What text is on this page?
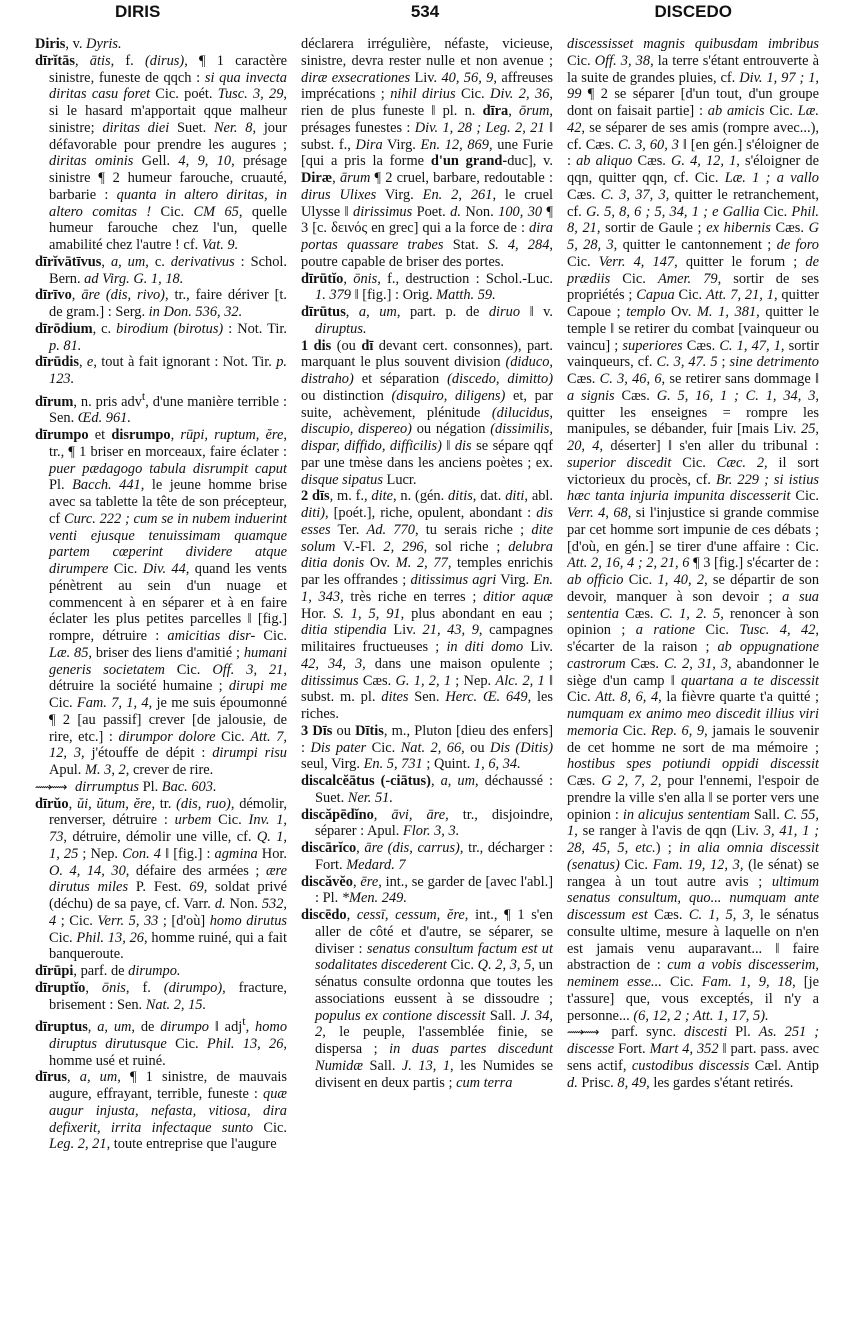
DIRIS	534	DISCEDO

Diris, v. Dyris.

dīrĭtās, ātis, f. (dirus), ¶ 1 caractère sinistre, funeste de qqch : si qua invecta diritas casu foret Cic. poét. Tusc. 3, 29, si le hasard m'apportait qque malheur sinistre; diritas diei Suet. Ner. 8, jour défavorable pour prendre les augures ; diritas ominis Gell. 4, 9, 10, présage sinistre ¶ 2 humeur farouche, cruauté, barbarie : quanta in altero diritas, in altero comitas ! Cic. CM 65, quelle humeur farouche chez l'un, quelle amabilité chez l'autre ! cf. Vat. 9.

dīrĭvātīvus, a, um, c. derivativus : Schol. Bern. ad Virg. G. 1, 18.

dīrīvo, āre (dis, rivo), tr., faire dériver [t. de gram.] : Serg. in Don. 536, 32.

dīrōdium, c. birodium (birotus) : Not. Tir. p. 81.

dīrūdis, e, tout à fait ignorant : Not. Tir. p. 123.

dīrum, n. pris adv$^t$, d'une manière terrible : Sen. Œd. 961.

dīrumpo et disrumpo, rūpi, ruptum, ĕre, tr., ¶ 1 briser en morceaux, faire éclater : puer pædagogo tabula disrumpit caput Pl. Bacch. 441, le jeune homme brise avec sa tablette la tête de son précepteur, cf Curc. 222 ; cum se in nubem induerint venti ejusque tenuissimam quamque partem cœperint dividere atque dirumpere Cic. Div. 44, quand les vents pénètrent au sein d'un nuage et commencent à en séparer et à en faire éclater les plus petites parcelles ‖ [fig.] rompre, détruire : amicitias disr- Cic. Læ. 85, briser des liens d'amitié ; humani generis societatem Cic. Off. 3, 21, détruire la société humaine ; dirupi me Cic. Fam. 7, 1, 4, je me suis époumonné ¶ 2 [au passif] crever [de jalousie, de rire, etc.] : dirumpor dolore Cic. Att. 7, 12, 3, j'étouffe de dépit : dirumpi risu Apul. M. 3, 2, crever de rire.

⟿⟿ dirrumptus Pl. Bac. 603.

dīrŭo, ŭi, ŭtum, ĕre, tr. (dis, ruo), démolir, renverser, détruire : urbem Cic. Inv. 1, 73, détruire, démolir une ville, cf. Q. 1, 1, 25 ; Nep. Con. 4 ‖ [fig.] : agmina Hor. O. 4, 14, 30, défaire des armées ; ære dirutus miles P. Fest. 69, soldat privé (déchu) de sa paye, cf. Varr. d. Non. 532, 4 ; Cic. Verr. 5, 33 ; [d'où] homo dirutus Cic. Phil. 13, 26, homme ruiné, qui a fait banqueroute.

dīrūpi, parf. de dirumpo.

dīruptĭo, ōnis, f. (dirumpo), fracture, brisement : Sen. Nat. 2, 15.

dīruptus, a, um, de dirumpo ‖ adj$^t$, homo diruptus dirutusque Cic. Phil. 13, 26, homme usé et ruiné.

dīrus, a, um, ¶ 1 sinistre, de mauvais augure, effrayant, terrible, funeste : quæ augur injusta, nefasta, vitiosa, dira defixerit, irrita infectaque sunto Cic. Leg. 2, 21, toute entreprise que l'augure

déclarera irrégulière, néfaste, vicieuse, sinistre, devra rester nulle et non avenue ; diræ exsecrationes Liv. 40, 56, 9, affreuses imprécations ; nihil dirius Cic. Div. 2, 36, rien de plus funeste ‖ pl. n. dīra, ōrum, présages funestes : Div. 1, 28 ; Leg. 2, 21 ‖ subst. f., Dira Virg. En. 12, 869, une Furie [qui a pris la forme d'un grand-duc], v. Diræ, ārum ¶ 2 cruel, barbare, redoutable : dirus Ulixes Virg. En. 2, 261, le cruel Ulysse ‖ dirissimus Poet. d. Non. 100, 30 ¶ 3 [c. δεινός en grec] qui a la force de : dira portas quassare trabes Stat. S. 4, 284, poutre capable de briser des portes.

dīrūtĭo, ōnis, f., destruction : Schol.-Luc. 1. 379 ‖ [fig.] : Orig. Matth. 59.

dīrūtus, a, um, part. p. de diruo ‖ v. diruptus.

1 dis (ou dī devant cert. consonnes), part. marquant le plus souvent division (diduco, distraho) et séparation (discedo, dimitto) ou distinction (disquiro, diligens) et, par suite, achèvement, plénitude (dilucidus, discupio, dispereo) ou négation (dissimilis, dispar, diffido, difficilis) ‖ dis se sépare qqf par une tmèse dans les anciens poètes ; ex. disque sipatus Lucr.

2 dīs, m. f., dite, n. (gén. ditis, dat. diti, abl. diti), [poét.], riche, opulent, abondant : dis esses Ter. Ad. 770, tu serais riche ; dite solum V.-Fl. 2, 296, sol riche ; delubra ditia donis Ov. M. 2, 77, temples enrichis par les offrandes ; ditissimus agri Virg. En. 1, 343, très riche en terres ; ditior aquæ Hor. S. 1, 5, 91, plus abondant en eau ; ditia stipendia Liv. 21, 43, 9, campagnes militaires fructueuses ; in diti domo Liv. 42, 34, 3, dans une maison opulente ; ditissimus Cæs. G. 1, 2, 1 ; Nep. Alc. 2, 1 ‖ subst. m. pl. dites Sen. Herc. Œ. 649, les riches.

3 Dīs ou Dītis, m., Pluton [dieu des enfers] : Dis pater Cic. Nat. 2, 66, ou Dis (Ditis) seul, Virg. En. 5, 731 ; Quint. 1, 6, 34.

discalcĕātus (-ciātus), a, um, déchaussé : Suet. Ner. 51.

discăpēdĭno, āvi, āre, tr., disjoindre, séparer : Apul. Flor. 3, 3.

discārĭco, āre (dis, carrus), tr., décharger : Fort. Medard. 7

discăvĕo, ēre, int., se garder de [avec l'abl.] : Pl. *Men. 249.

discēdo, cessī, cessum, ĕre, int., ¶ 1 s'en aller de côté et d'autre, se séparer, se diviser : senatus consultum factum est ut sodalitates discederent Cic. Q. 2, 3, 5, un sénatus consulte ordonna que toutes les associations eussent à se dissoudre ; populus ex contione discessit Sall. J. 34, 2, le peuple, l'assemblée finie, se dispersa ; in duas partes discedunt Numidæ Sall. J. 13, 1, les Numides se divisent en deux partis ; cum terra

discessisset magnis quibusdam imbribus Cic. Off. 3, 38, la terre s'étant entrouverte à la suite de grandes pluies, cf. Div. 1, 97 ; 1, 99 ¶ 2 se séparer [d'un tout, d'un groupe dont on faisait partie] : ab amicis Cic. Læ. 42, se séparer de ses amis (rompre avec...), cf. Cæs. C. 3, 60, 3 ‖ [en gén.] s'éloigner de : ab aliquo Cæs. G. 4, 12, 1, s'éloigner de qqn, quitter qqn, cf. Cic. Læ. 1 ; a vallo Cæs. C. 3, 37, 3, quitter le retranchement, cf. G. 5, 8, 6 ; 5, 34, 1 ; e Gallia Cic. Phil. 8, 21, sortir de Gaule ; ex hibernis Cæs. G 5, 28, 3, quitter le cantonnement ; de foro Cic. Verr. 4, 147, quitter le forum ; de prædiis Cic. Amer. 79, sortir de ses propriétés ; Capua Cic. Att. 7, 21, 1, quitter Capoue ; templo Ov. M. 1, 381, quitter le temple ‖ se retirer du combat [vainqueur ou vaincu] ; superiores Cæs. C. 1, 47, 1, sortir vainqueurs, cf. C. 3, 47. 5 ; sine detrimento Cæs. C. 3, 46, 6, se retirer sans dommage ‖ a signis Cæs. G. 5, 16, 1 ; C. 1, 34, 3, quitter les enseignes = rompre les manipules, se débander, fuir [mais Liv. 25, 20, 4, déserter] ‖ s'en aller du tribunal : superior discedit Cic. Cæc. 2, il sort victorieux du procès, cf. Br. 229 ; si istius hæc tanta injuria impunita discesserit Cic. Verr. 4, 68, si l'injustice si grande commise par cet homme sort impunie de ces débats ; [d'où, en gén.] se tirer d'une affaire : Cic. Att. 2, 16, 4 ; 2, 21, 6 ¶ 3 [fig.] s'écarter de : ab officio Cic. 1, 40, 2, se départir de son devoir, manquer à son devoir ; a sua sententia Cæs. C. 1, 2. 5, renoncer à son opinion ; a ratione Cic. Tusc. 4, 42, s'écarter de la raison ; ab oppugnatione castrorum Cæs. C. 2, 31, 3, abandonner le siège d'un camp ‖ quartana a te discessit Cic. Att. 8, 6, 4, la fièvre quarte t'a quitté ; numquam ex animo meo discedit illius viri memoria Cic. Rep. 6, 9, jamais le souvenir de cet homme ne sort de ma mémoire ; hostibus spes potiundi oppidi discessit Cæs. G 2, 7, 2, pour l'ennemi, l'espoir de prendre la ville s'en alla ‖ se porter vers une opinion : in alicujus sententiam Sall. C. 55, 1, se ranger à l'avis de qqn (Liv. 3, 41, 1 ; 28, 45, 5, etc.) ; in alia omnia discessit (senatus) Cic. Fam. 19, 12, 3, (le sénat) se rangea à un tout autre avis ; ultimum senatus consultum, quo... numquam ante discessum est Cæs. C. 1, 5, 3, le sénatus consulte ultime, mesure à laquelle on n'en est jamais venu auparavant... ‖ faire abstraction de : cum a vobis discesserim, neminem esse... Cic. Fam. 1, 9, 18, [je t'assure] que, vous exceptés, il n'y a personne... (6, 12, 2 ; Att. 1, 17, 5).

⟿⟿ parf. sync. discesti Pl. As. 251 ; discesse Fort. Mart 4, 352 ‖ part. pass. avec sens actif, custodibus discessis Cæl. Antip d. Prisc. 8, 49, les gardes s'étant retirés.
